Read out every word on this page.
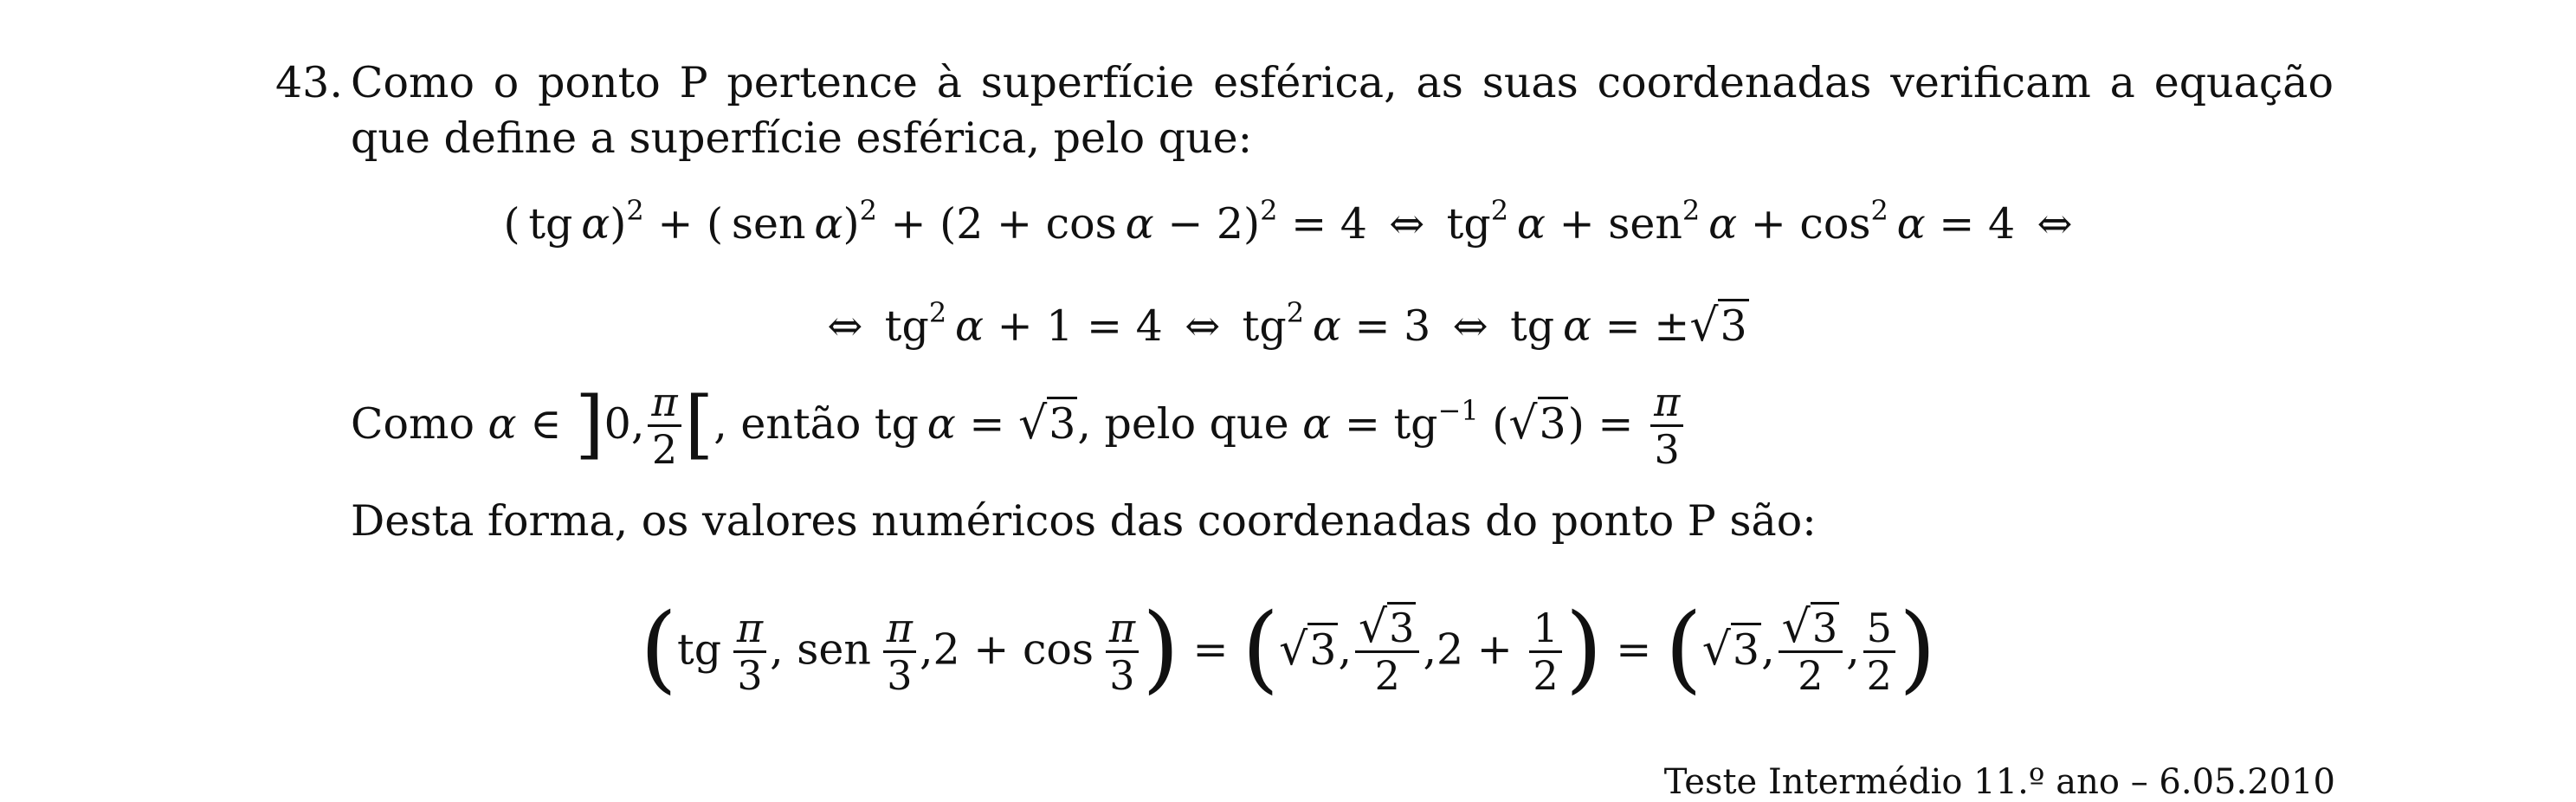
43. Como o ponto P pertence à superfície esférica, as suas coordenadas verificam a equação que define a superfície esférica, pelo que:
( tg α)$^2$ + ( sen $\alpha)^2 + (2 + \cos \alpha - 2)^2 = 4$  ⇔  $tg^2$  α + sen$^2$  $\alpha + \cos^2 \alpha = 4$  ⇔
⇔  $tg^2$  α + 1 = 4  ⇔  $tg^2$  α = 3  ⇔  tg α = ±√3
Como α ∈ ]0, $\frac{\pi}{2}$ [, então tg α = √3, pelo que $\alpha = tg^{-1}$ $(√3) = \frac{\pi}{3}$
Desta forma, os valores numéricos das coordenadas do ponto P são:
($tg \frac{\pi}{3}$ , sen  $\frac{\pi}{3} ,2 + \cos \frac{\pi}{3}$ ) = (√3, $\frac{√3}{2} ,2 + \frac{1}{2}$ ) = (√3, $\frac{√3}{2}$ , $\frac{5}{2}$ )
Teste Intermédio 11.º ano – 6.05.2010
